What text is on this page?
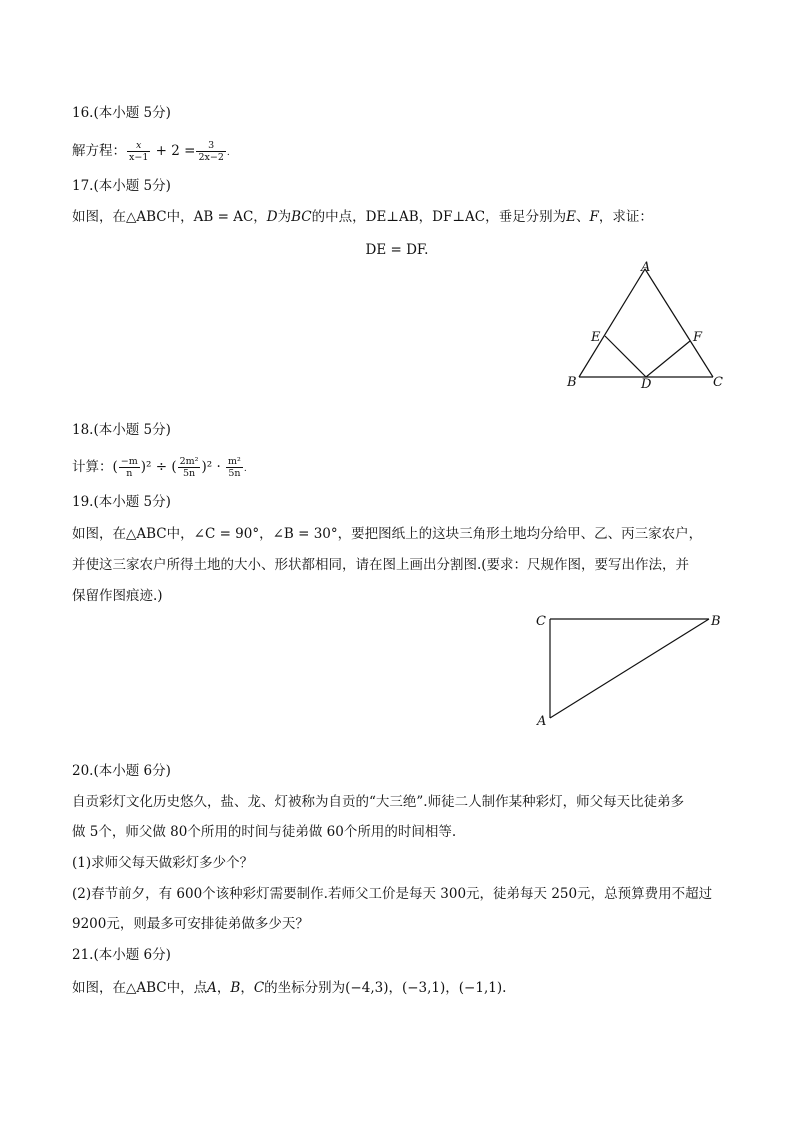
16.(本小题 5分)
解方程： $\frac{x}{x-1} + 2 = \frac{3}{2x-2}$ .
17.(本小题 5分)
如图，在△ABC中，AB = AC，D为BC的中点，DE⊥AB，DF⊥AC，垂足分别为E、F，求证：
DE = DF.
A
B	C
D
E	F
18.(本小题 5分)
计算：( $\frac{-m}{n} )^2$ ÷ ( $\frac{\text{2m²}}{5n} )^2 \cdot \frac{\text{m²}}{5n}$ .
19.(本小题 5分)
如图，在△ABC中，∠C = 90°，∠B = 30°，要把图纸上的这块三角形土地均分给甲、乙、丙三家农户，
并使这三家农户所得土地的大小、形状都相同，请在图上画出分割图.(要求：尺规作图，要写出作法，并
保留作图痕迹.)
C	B
A
20.(本小题 6分)
自贡彩灯文化历史悠久，盐、龙、灯被称为自贡的“大三绝”.师徒二人制作某种彩灯，师父每天比徒弟多
做 5个，师父做 80个所用的时间与徒弟做 60个所用的时间相等.
(1)求师父每天做彩灯多少个？
(2)春节前夕，有 600个该种彩灯需要制作.若师父工价是每天 300元，徒弟每天 250元，总预算费用不超过
9200元，则最多可安排徒弟做多少天？
21.(本小题 6分)
如图，在△ABC中，点A，B，C的坐标分别为(−4,3)，(−3,1)，(−1,1).
